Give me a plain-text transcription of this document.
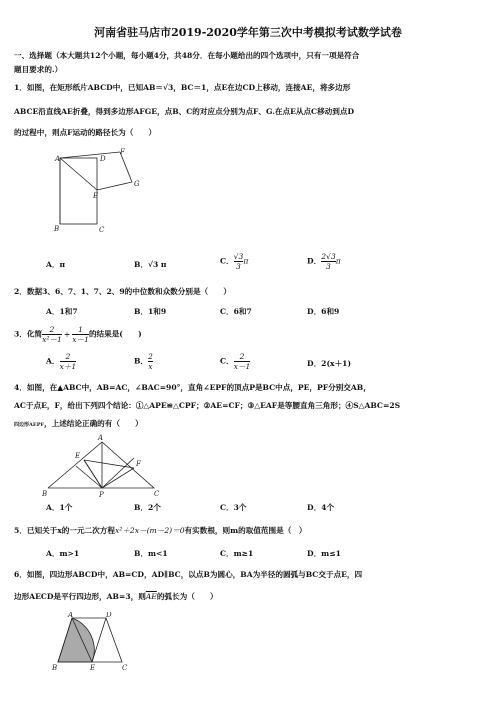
河南省驻马店市2019-2020学年第三次中考模拟考试数学试卷
一、选择题（本大题共12个小题，每小题4分，共48分．在每小题给出的四个选项中，只有一项是符合
题目要求的.）
1．如图，在矩形纸片ABCD中，已知AB＝√3，BC＝1，点E在边CD上移动，连接AE，将多边形
ABCE沿直线AE折叠，得到多边形AFGE，点B、C的对应点分别为点F、G.在点E从点C移动到点D
的过程中，则点F运动的路径长为（　　）
A	D
F
E
G
B	C
A．π	B．√3 π	C． $\frac{√3}{3}$ π	D． $\frac{2√3}{3}$ π
2．数据3、6、7、1、7、2、9的中位数和众数分别是（　　）
A．1和7	B．1和9	C．6和7	D．6和9
3．化简 $\frac{2}{\text{x²－1}} \div \frac{1}{x-1}$ 的结果是(　　)
A． $\frac{2}{x+1}$	B． $\frac{2}{x}$	C． $\frac{2}{x-1}$	D．2(x＋1)
4．如图，在▲ABC中，AB=AC，∠BAC=90°，直角∠EPF的顶点P是BC中点，PE，PF分别交AB，
AC于点E，F，给出下列四个结论：①△APE≌△CPF；②AE=CF；③△EAF是等腰直角三角形；④S△ABC=2S
四边形AEPF，上述结论正确的有（　　）
A
E
F
B	P	C
A．1个	B．2个	C．3个	D．4个
5．已知关于x的一元二次方程x²＋2x－(m－2)＝0有实数根，则m的取值范围是（　）
A．m>1	B．m<1	C．m≥1	D．m≤1
6．如图，四边形ABCD中，AB=CD，AD∥BC，以点B为圆心，BA为半径的圆弧与BC交于点E，四
边形AECD是平行四边形，AB=3，则$\overline{AE}$的弧长为（　　）
A	D
B	E	C
